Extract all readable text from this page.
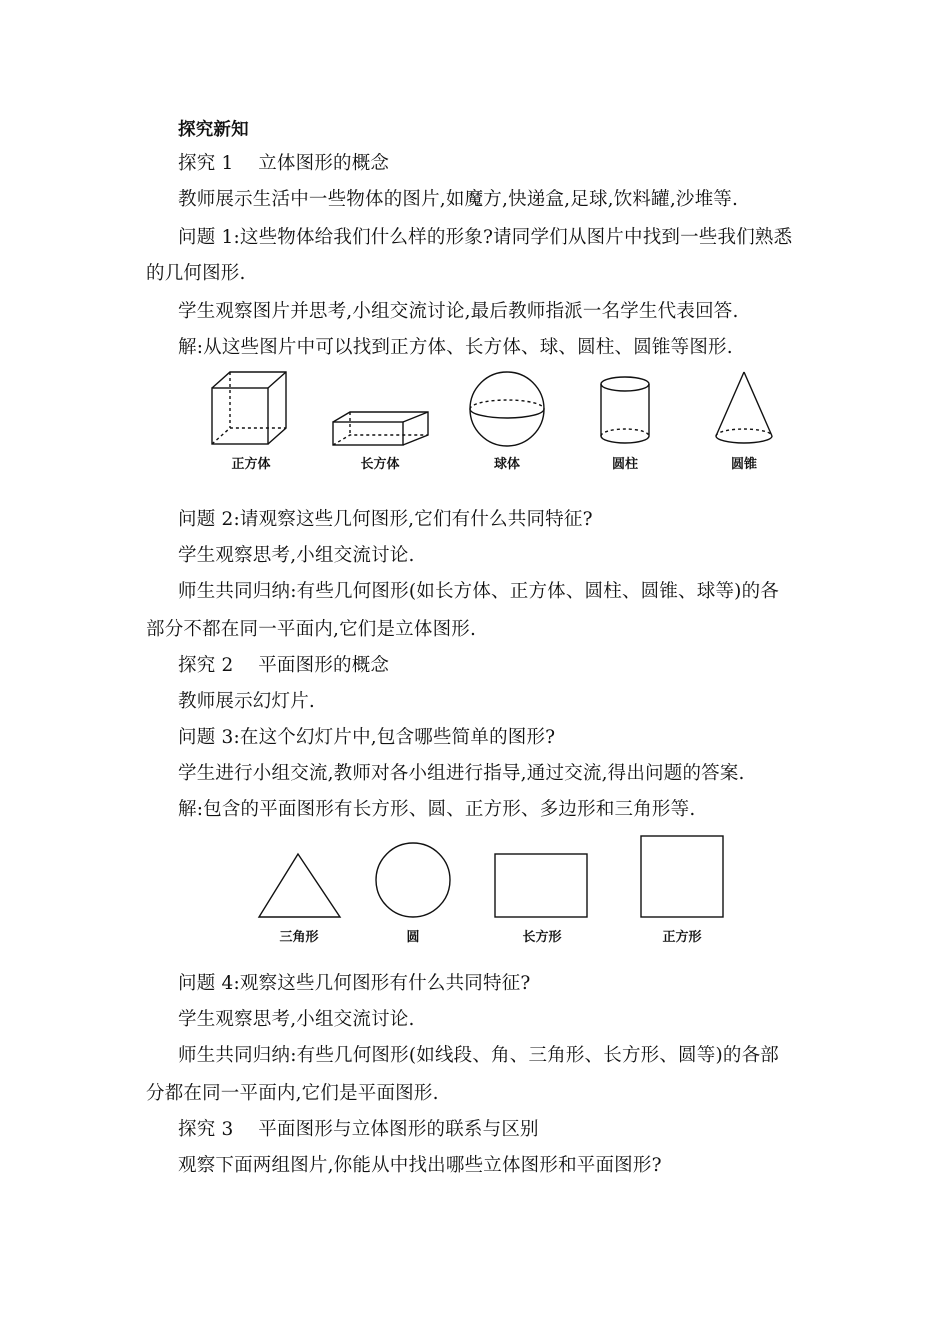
探究新知
探究 1　 立体图形的概念
教师展示生活中一些物体的图片,如魔方,快递盒,足球,饮料罐,沙堆等.
问题 1:这些物体给我们什么样的形象?请同学们从图片中找到一些我们熟悉
的几何图形.
学生观察图片并思考,小组交流讨论,最后教师指派一名学生代表回答.
解:从这些图片中可以找到正方体、长方体、球、圆柱、圆锥等图形.
正方体	长方体	球体	圆柱	圆锥
问题 2:请观察这些几何图形,它们有什么共同特征?
学生观察思考,小组交流讨论.
师生共同归纳:有些几何图形(如长方体、正方体、圆柱、圆锥、球等)的各
部分不都在同一平面内,它们是立体图形.
探究 2　 平面图形的概念
教师展示幻灯片.
问题 3:在这个幻灯片中,包含哪些简单的图形?
学生进行小组交流,教师对各小组进行指导,通过交流,得出问题的答案.
解:包含的平面图形有长方形、圆、正方形、多边形和三角形等.
三角形	圆	长方形	正方形
问题 4:观察这些几何图形有什么共同特征?
学生观察思考,小组交流讨论.
师生共同归纳:有些几何图形(如线段、角、三角形、长方形、圆等)的各部
分都在同一平面内,它们是平面图形.
探究 3　 平面图形与立体图形的联系与区别
观察下面两组图片,你能从中找出哪些立体图形和平面图形?
